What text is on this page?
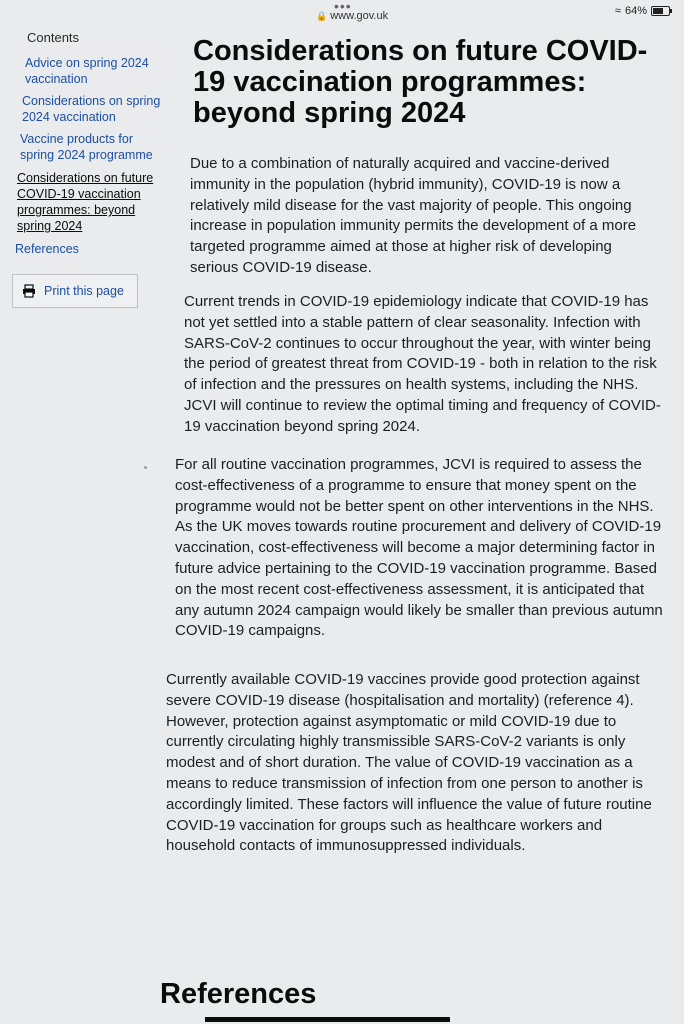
•••
🔒 www.gov.uk	≈ 64%
Contents
Advice on spring 2024 vaccination
Considerations on spring 2024 vaccination
Vaccine products for spring 2024 programme
Considerations on future COVID-19 vaccination programmes: beyond spring 2024
References
Print this page
Considerations on future COVID-19 vaccination programmes: beyond spring 2024

Due to a combination of naturally acquired and vaccine-derived immunity in the population (hybrid immunity), COVID-19 is now a relatively mild disease for the vast majority of people. This ongoing increase in population immunity permits the development of a more targeted programme aimed at those at higher risk of developing serious COVID-19 disease.

Current trends in COVID-19 epidemiology indicate that COVID-19 has not yet settled into a stable pattern of clear seasonality. Infection with SARS-CoV-2 continues to occur throughout the year, with winter being the period of greatest threat from COVID-19 - both in relation to the risk of infection and the pressures on health systems, including the NHS. JCVI will continue to review the optimal timing and frequency of COVID-19 vaccination beyond spring 2024.

For all routine vaccination programmes, JCVI is required to assess the cost-effectiveness of a programme to ensure that money spent on the programme would not be better spent on other interventions in the NHS. As the UK moves towards routine procurement and delivery of COVID-19 vaccination, cost-effectiveness will become a major determining factor in future advice pertaining to the COVID-19 vaccination programme. Based on the most recent cost-effectiveness assessment, it is anticipated that any autumn 2024 campaign would likely be smaller than previous autumn COVID-19 campaigns.

Currently available COVID-19 vaccines provide good protection against severe COVID-19 disease (hospitalisation and mortality) (reference 4). However, protection against asymptomatic or mild COVID-19 due to currently circulating highly transmissible SARS-CoV-2 variants is only modest and of short duration. The value of COVID-19 vaccination as a means to reduce transmission of infection from one person to another is accordingly limited. These factors will influence the value of future routine COVID-19 vaccination for groups such as healthcare workers and household contacts of immunosuppressed individuals.

References
